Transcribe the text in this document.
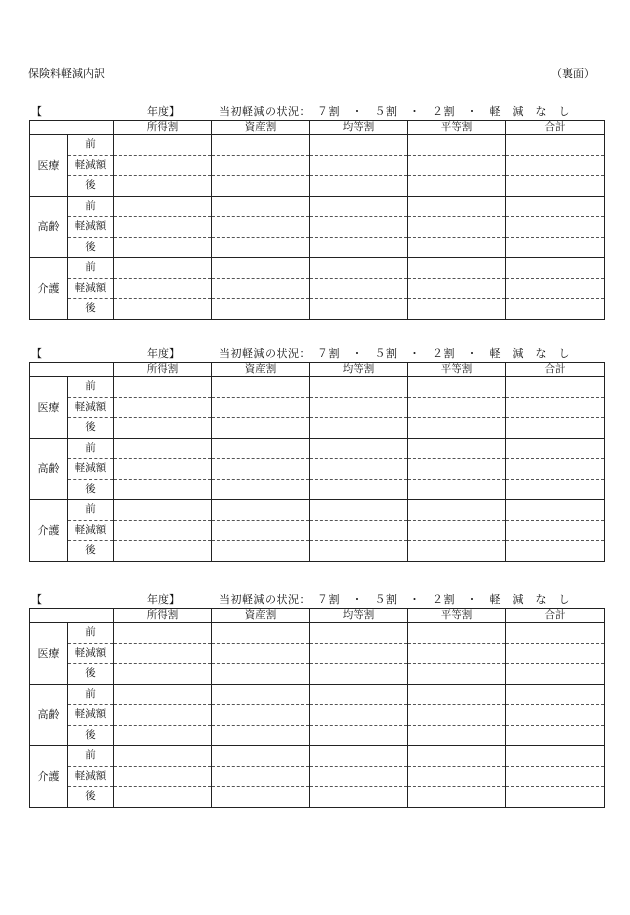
保険料軽減内訳	（裏面）
【	年度】	当初軽減の状況：　７割　・　５割　・　２割　・　軽　減　な　し
		所得割	資産割	均等割	平等割	合計
医療	前					
	軽減額					
	後					
高齢	前					
	軽減額					
	後					
介護	前					
	軽減額					
	後					
【	年度】	当初軽減の状況：　７割　・　５割　・　２割　・　軽　減　な　し
		所得割	資産割	均等割	平等割	合計
医療	前					
	軽減額					
	後					
高齢	前					
	軽減額					
	後					
介護	前					
	軽減額					
	後					
【	年度】	当初軽減の状況：　７割　・　５割　・　２割　・　軽　減　な　し
		所得割	資産割	均等割	平等割	合計
医療	前					
	軽減額					
	後					
高齢	前					
	軽減額					
	後					
介護	前					
	軽減額					
	後					
